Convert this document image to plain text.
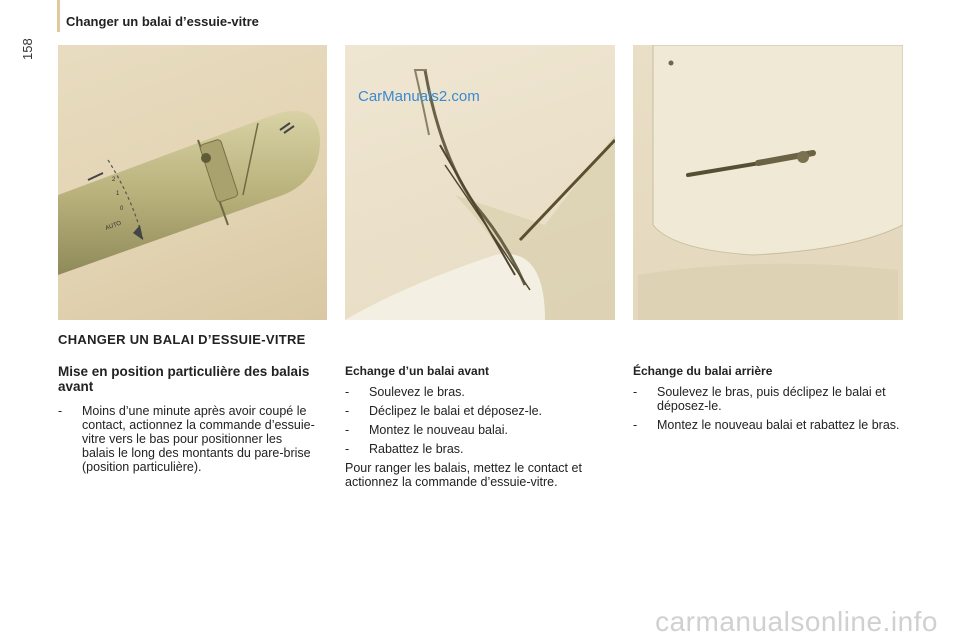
158
Changer un balai d’essuie-vitre
AUTO
0
1
2
CarManuals2.com
CHANGER UN BALAI D’ESSUIE-VITRE
Mise en position particulière des balais avant
-	Moins d’une minute après avoir coupé le contact, actionnez la commande d’essuie-vitre vers le bas pour positionner les balais le long des montants du pare-brise (position particulière).
Echange d’un balai avant
-	Soulevez le bras.
-	Déclipez le balai et déposez-le.
-	Montez le nouveau balai.
-	Rabattez le bras.
Pour ranger les balais, mettez le contact et actionnez la commande d’essuie-vitre.
Échange du balai arrière
-	Soulevez le bras, puis déclipez le balai et déposez-le.
-	Montez le nouveau balai et rabattez le bras.
carmanualsonline.info
